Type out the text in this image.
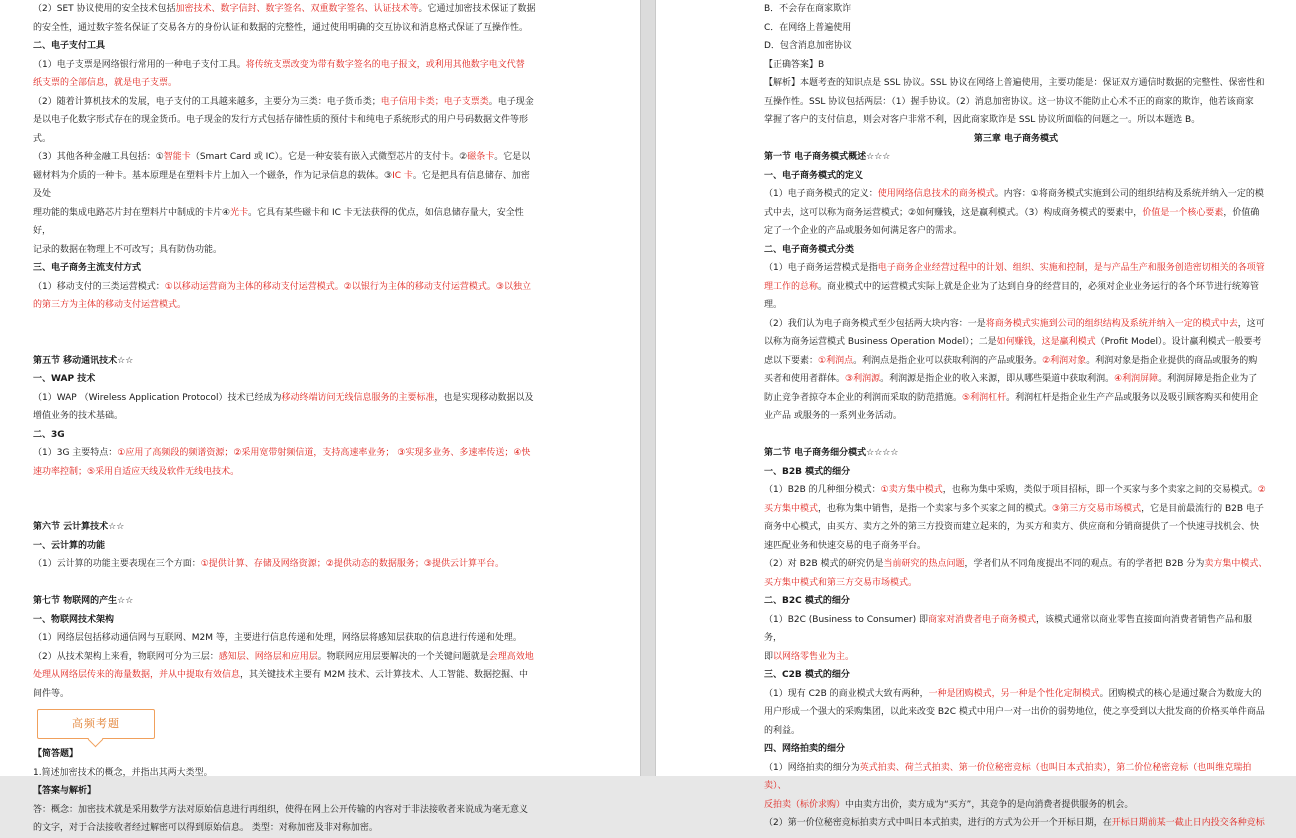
（2）SET 协议使用的安全技术包括加密技术、数字信封、数字签名、双重数字签名、认证技术等。它通过加密技术保证了数据

的安全性，通过数字签名保证了交易各方的身份认证和数据的完整性，通过使用明确的交互协议和消息格式保证了互操作性。

二、电子支付工具

（1）电子支票是网络银行常用的一种电子支付工具。将传统支票改变为带有数字签名的电子报文，或利用其他数字电文代替

纸支票的全部信息，就是电子支票。

（2）随着计算机技术的发展，电子支付的工具越来越多，主要分为三类：电子货币类；电子信用卡类；电子支票类。电子现金

是以电子化数字形式存在的现金货币。电子现金的发行方式包括存储性质的预付卡和纯电子系统形式的用户号码数据文件等形

式。

（3）其他各种金融工具包括：①智能卡（Smart Card 或 IC）。它是一种安装有嵌入式微型芯片的支付卡。②磁条卡。它是以

磁材料为介质的一种卡。基本原理是在塑料卡片上加入一个磁条，作为记录信息的载体。③IC 卡。它是把具有信息储存、加密及处

理功能的集成电路芯片封在塑料片中制成的卡片④光卡。它具有某些磁卡和 IC 卡无法获得的优点，如信息储存量大，安全性好，

记录的数据在物理上不可改写；具有防伪功能。

三、电子商务主流支付方式

（1）移动支付的三类运营模式：①以移动运营商为主体的移动支付运营模式。②以银行为主体的移动支付运营模式。③以独立

的第三方为主体的移动支付运营模式。

第五节 移动通讯技术☆☆

一、WAP 技术

（1）WAP （Wireless Application Protocol）技术已经成为移动终端访问无线信息服务的主要标准，也是实现移动数据以及

增值业务的技术基础。

二、3G

（1）3G 主要特点：①应用了高频段的频谱资源；②采用宽带射频信道，支持高速率业务； ③实现多业务、多速率传送；④快

速功率控制；⑤采用自适应天线及软件无线电技术。

第六节 云计算技术☆☆

一、云计算的功能

（1）云计算的功能主要表现在三个方面：①提供计算、存储及网络资源；②提供动态的数据服务；③提供云计算平台。

第七节 物联网的产生☆☆

一、物联网技术架构

（1）网络层包括移动通信网与互联网、M2M 等，主要进行信息传递和处理，网络层将感知层获取的信息进行传递和处理。

（2）从技术架构上来看，物联网可分为三层：感知层、网络层和应用层。物联网应用层要解决的一个关键问题就是会理高效地

处理从网络层传来的海量数据，并从中提取有效信息，其关键技术主要有 M2M 技术、云计算技术、人工智能、数据挖掘、中

间件等。

高频考题

【简答题】

1.简述加密技术的概念，并指出其两大类型。

【答案与解析】

答：概念：加密技术就是采用数学方法对原始信息进行再组织，使得在网上公开传输的内容对于非法接收者来说成为毫无意义

的文字，对于合法接收者经过解密可以得到原始信息。 类型：对称加密及非对称加密。

B．不会存在商家欺诈

C．在网络上普遍使用

D．包含消息加密协议

【正确答案】B

【解析】本题考查的知识点是 SSL 协议。SSL 协议在网络上普遍使用，主要功能是：保证双方通信时数据的完整性、保密性和

互操作性。SSL 协议包括两层：（1）握手协议。（2）消息加密协议。这一协议不能防止心术不正的商家的欺诈，他若该商家

掌握了客户的支付信息，则会对客户非常不利，因此商家欺诈是 SSL 协议所面临的问题之一。所以本题选 B。

第三章 电子商务模式

第一节 电子商务模式概述☆☆☆

一、电子商务模式的定义

（1）电子商务模式的定义：使用网络信息技术的商务模式。内容：①将商务模式实施到公司的组织结构及系统并纳入一定的模

式中去，这可以称为商务运营模式；②如何赚钱，这是赢利模式。（3）构成商务模式的要素中，价值是一个核心要素，价值确

定了一个企业的产品或服务如何满足客户的需求。

二、电子商务模式分类

（1）电子商务运营模式是指电子商务企业经营过程中的计划、组织、实施和控制，是与产品生产和服务创造密切相关的各项管

理工作的总称。商业模式中的运营模式实际上就是企业为了达到自身的经营目的，必须对企业业务运行的各个环节进行统筹管理。

（2）我们认为电子商务模式至少包括两大块内容：一是将商务模式实施到公司的组织结构及系统并纳入一定的模式中去，这可

以称为商务运营模式 Business Operation Model）；二是如何赚钱，这是赢利模式（Profit Model）。设计赢利模式一般要考

虑以下要素：①利润点。利润点是指企业可以获取利润的产品或服务。②利润对象。利润对象是指企业提供的商品或服务的购

买者和使用者群体。③利润源。利润源是指企业的收入来源，即从哪些渠道中获取利润。④利润屏障。利润屏障是指企业为了

防止竞争者掠夺本企业的利润而采取的防范措施。⑤利润杠杆。利润杠杆是指企业生产产品或服务以及吸引顾客购买和使用企

业产品 或服务的一系列业务活动。

第二节 电子商务细分模式☆☆☆☆

一、B2B 模式的细分

（1）B2B 的几种细分模式：①卖方集中模式，也称为集中采购，类似于项目招标，即一个买家与多个卖家之间的交易模式。②

买方集中模式，也称为集中销售，是指一个卖家与多个买家之间的模式。③第三方交易市场模式，它是目前最流行的 B2B 电子

商务中心模式，由买方、卖方之外的第三方投资而建立起来的，为买方和卖方、供应商和分销商提供了一个快速寻找机会、快

速匹配业务和快速交易的电子商务平台。

（2）对 B2B 模式的研究仍是当前研究的热点问题，学者们从不同角度提出不同的观点。有的学者把 B2B 分为卖方集中模式、

买方集中模式和第三方交易市场模式。

二、B2C 模式的细分

（1）B2C (Business to Consumer) 即商家对消费者电子商务模式，该模式通常以商业零售直接面向消费者销售产品和服务，

即以网络零售业为主。

三、C2B 模式的细分

（1）现有 C2B 的商业模式大致有两种，一种是团购模式，另一种是个性化定制模式。团购模式的核心是通过聚合为数庞大的

用户形成一个强大的采购集团，以此来改变 B2C 模式中用户一对一出价的弱势地位，使之享受到以大批发商的价格买单件商品

的利益。

四、网络拍卖的细分

（1）网络拍卖的细分为英式拍卖、荷兰式拍卖、第一价位秘密竞标（也叫日本式拍卖），第二价位秘密竞标（也叫维克瑞拍卖）、

反拍卖（标价求购）中由卖方出价，卖方成为“买方”，其竞争的是向消费者提供服务的机会。

（2）第一价位秘密竞标拍卖方式中叫日本式拍卖，进行的方式为公开一个开标日期，在开标日期前某一截止日内投交各种竞标
